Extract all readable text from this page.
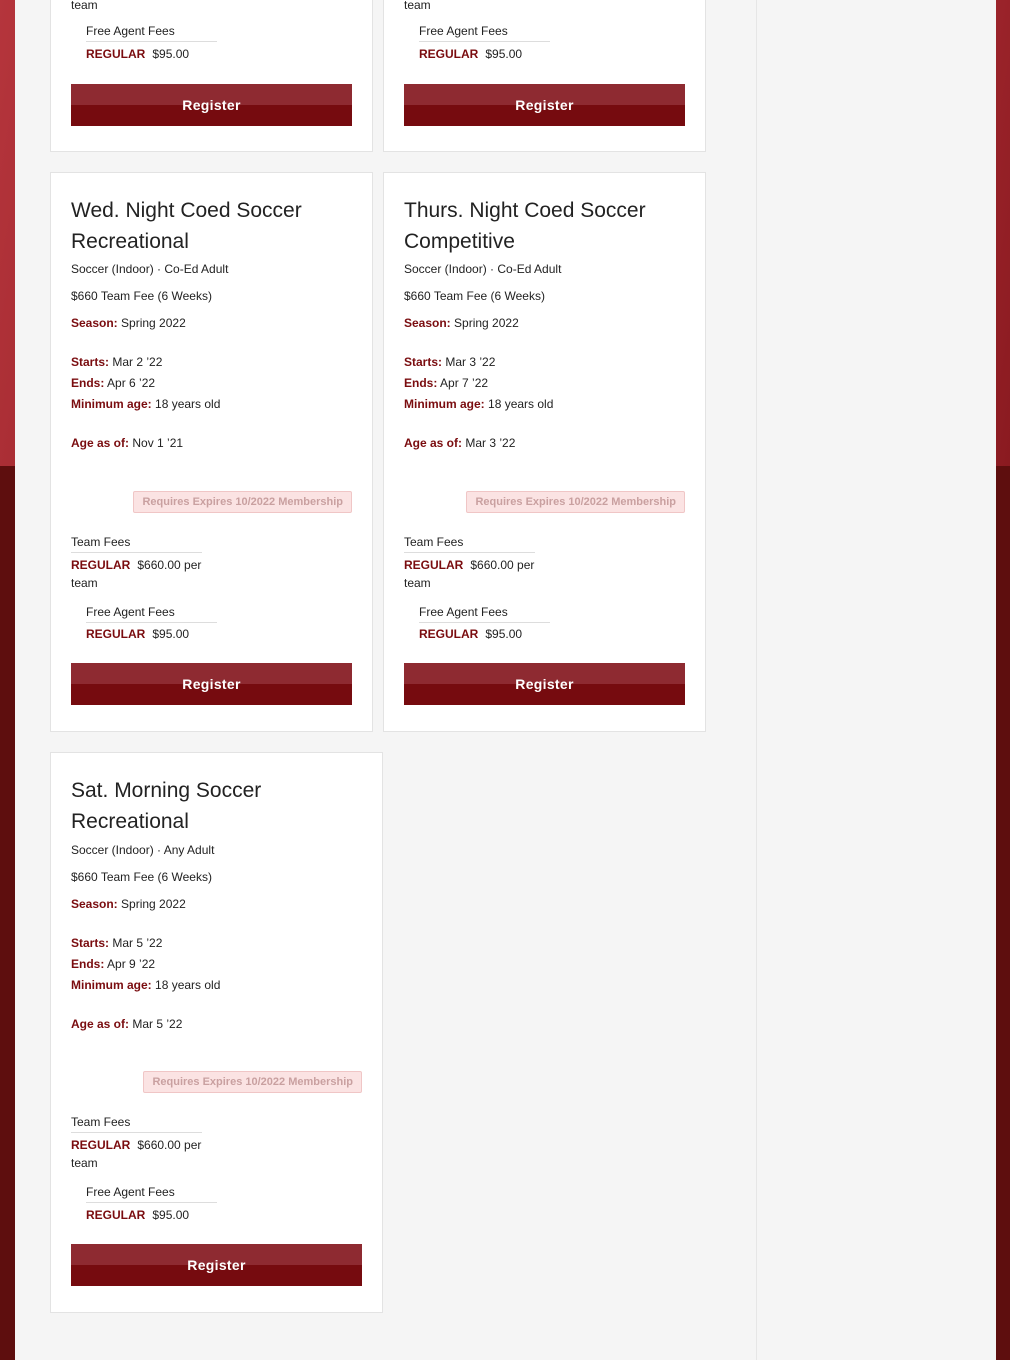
team
Free Agent Fees
REGULAR $95.00
Register
team
Free Agent Fees
REGULAR $95.00
Register
Wed. Night Coed Soccer Recreational
Soccer (Indoor) · Co-Ed Adult
$660 Team Fee (6 Weeks)
Season: Spring 2022
Starts: Mar 2 ’22
Ends: Apr 6 ’22
Minimum age: 18 years old
Age as of: Nov 1 ’21
Requires Expires 10/2022 Membership
Team Fees
REGULAR $660.00 per team
Free Agent Fees
REGULAR $95.00
Register
Thurs. Night Coed Soccer Competitive
Soccer (Indoor) · Co-Ed Adult
$660 Team Fee (6 Weeks)
Season: Spring 2022
Starts: Mar 3 ’22
Ends: Apr 7 ’22
Minimum age: 18 years old
Age as of: Mar 3 ’22
Requires Expires 10/2022 Membership
Team Fees
REGULAR $660.00 per team
Free Agent Fees
REGULAR $95.00
Register
Sat. Morning Soccer Recreational
Soccer (Indoor) · Any Adult
$660 Team Fee (6 Weeks)
Season: Spring 2022
Starts: Mar 5 ’22
Ends: Apr 9 ’22
Minimum age: 18 years old
Age as of: Mar 5 ’22
Requires Expires 10/2022 Membership
Team Fees
REGULAR $660.00 per team
Free Agent Fees
REGULAR $95.00
Register
